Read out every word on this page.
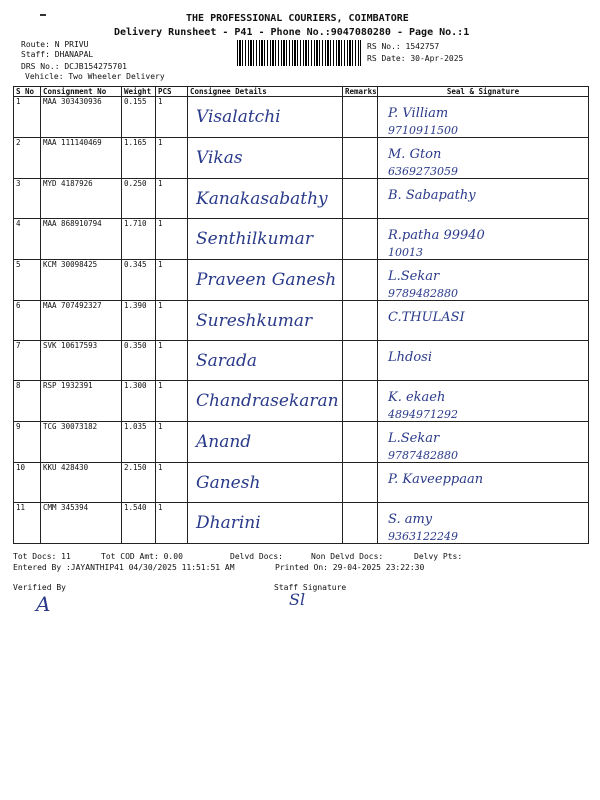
THE PROFESSIONAL COURIERS, COIMBATORE
Delivery Runsheet - P41 - Phone No.:9047080280 - Page No.:1
Route: N PRIVU
Staff: DHANAPAL
DRS No.: DCJB154275701
Vehicle: Two Wheeler Delivery
RS No.: 1542757
RS Date: 30-Apr-2025
S No	Consignment No	Weight	PCS	Consignee Details	Remarks	Seal & Signature
1	MAA 303430936	0.155	1	Visalatchi		P. Villiam
9710911500

2	MAA 111140469	1.165	1	Vikas		M. Gton
6369273059

3	MYD 4187926	0.250	1	Kanakasabathy		B. Sabapathy

4	MAA 868910794	1.710	1	Senthilkumar		R.patha 99940
10013

5	KCM 30098425	0.345	1	Praveen Ganesh		L.Sekar
9789482880

6	MAA 707492327	1.390	1	Sureshkumar		C.THULASI

7	SVK 10617593	0.350	1	Sarada		Lhdosi

8	RSP 1932391	1.300	1	Chandrasekaran		K. ekaeh
4894971292

9	TCG 30073182	1.035	1	Anand		L.Sekar
9787482880

10	KKU 428430	2.150	1	Ganesh		P. Kaveeppaan

11	CMM 345394	1.540	1	Dharini		S. amy
9363122249
Tot Docs: 11	Tot COD Amt: 0.00	Delvd Docs:	Non Delvd Docs:	Delvy Pts:
Entered By :JAYANTHIP41 04/30/2025 11:51:51 AM	Printed On: 29-04-2025 23:22:30
Verified By	Staff Signature
A	Sl
